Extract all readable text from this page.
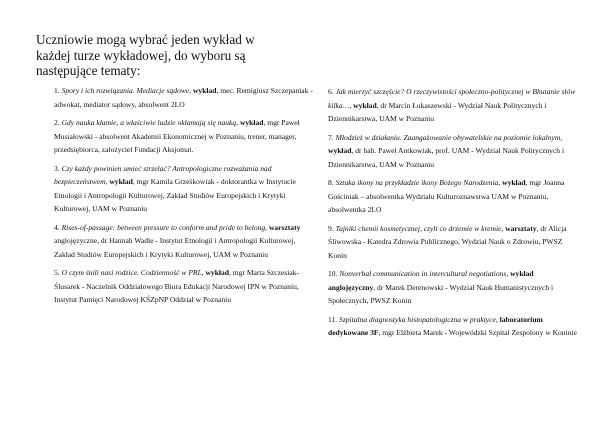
Uczniowie mogą wybrać jeden wykład w każdej turze wykładowej, do wyboru są następujące tematy:
1. Spory i ich rozwiązania. Mediacje sądowe, wykład, mec. Remigiusz Szczepaniak - adwokat, mediator sądowy, absolwent 2LO
2. Gdy nauka kłamie, a właściwie ludzie okłamują się nauką, wykład, mgr Paweł Musiałowski - absolwent Akademii Ekonomicznej w Poznaniu, trener, manager, przedsiębiorca, założyciel Fundacji Aksjomat.
3. Czy każdy powinien umieć strzelać? Antropologiczne rozważania nad bezpieczeństwem, wykład, mgr Kamila Grześkowiak - doktorantka w Instytucie Etnologii i Antropologii Kulturowej, Zakład Studiów Europejskich i Krytyki Kulturowej, UAM w Poznaniu
4. Rises-of-passage: between pressure to conform and pride to belong, warsztaty anglojęzyczne, dr Hannah Wadle - Instytut Etnologii i Antropologii Kulturowej, Zakład Studiów Europejskich i Krytyki Kulturowej, UAM w Poznaniu
5. O czym śnili nasi rodzice. Codzienność w PRL, wykład, mgr Marta Szczesiak-Ślusarek - Naczelnik Oddziałowego Biura Edukacji Narodowej IPN w Poznaniu, Instytut Pamięci Narodowej KŚZpNP Oddział w Poznaniu
6. Jak mierzyć szczęście? O rzeczywistości społeczno-politycznej w Bhutanie słów kilka…, wykład, dr Marcin Łukaszewski - Wydział Nauk Politycznych i Dziennikarstwa, UAM w Poznaniu
7. Młodzież w działaniu. Zaangażowanie obywatelskie na poziomie lokalnym, wykład, dr hab. Paweł Antkowiak, prof. UAM - Wydział Nauk Politycznych i Dziennikarstwa, UAM w Poznaniu
8. Sztuka ikony na przykładzie ikony Bożego Narodzenia, wykład, mgr Joanna Gościniak – absolwentka Wydziału Kulturoznawstwa UAM w Poznaniu, absolwentka 2LO
9. Tajniki chemii kosmetycznej, czyli co drzemie w kremie, warsztaty, dr Alicja Śliwowska - Katedra Zdrowia Publicznego, Wydział Nauk o Zdrowiu, PWSZ Konin
10. Nonverbal communication in intercultural negotiations, wykład anglojęzyczny, dr Marek Derenowski - Wydział Nauk Humanistycznych i Społecznych, PWSZ Konin
11. Szpitalna diagnostyka histopatologiczna w praktyce, laboratorium dedykowane 3F, mgr Elżbieta Marek - Wojewódzki Szpital Zespolony w Koninie
